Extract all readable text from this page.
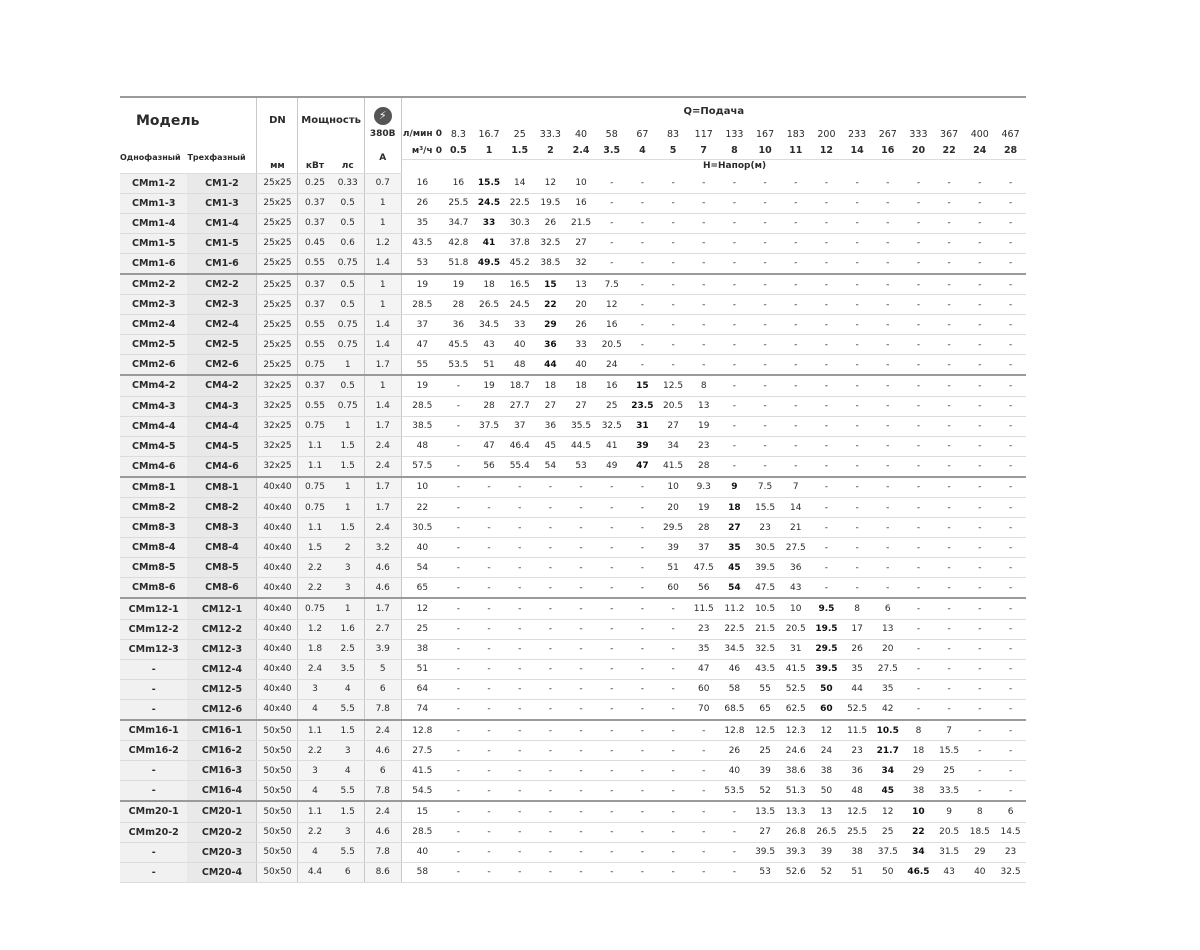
Модель		DN	Мощность		⚡	Q=Подача																			
					380В	л/мин 0	8.3	16.7	25	33.3	40	58	67	83	117	133	167	183	200	233	267	333	367	400	467
Однофазный	Трехфазный	мм	кВт	лс	A	м³/ч 0	0.5	1	1.5	2	2.4	3.5	4	5	7	8	10	11	12	14	16	20	22	24	28
							H=Напор(м)																		
CMm1-2	CM1-2	25x25	0.25	0.33	0.7	16	16	15.5	14	12	10	-	-	-	-	-	-	-	-	-	-	-	-	-	-
CMm1-3	CM1-3	25x25	0.37	0.5	1	26	25.5	24.5	22.5	19.5	16	-	-	-	-	-	-	-	-	-	-	-	-	-	-
CMm1-4	CM1-4	25x25	0.37	0.5	1	35	34.7	33	30.3	26	21.5	-	-	-	-	-	-	-	-	-	-	-	-	-	-
CMm1-5	CM1-5	25x25	0.45	0.6	1.2	43.5	42.8	41	37.8	32.5	27	-	-	-	-	-	-	-	-	-	-	-	-	-	-
CMm1-6	CM1-6	25x25	0.55	0.75	1.4	53	51.8	49.5	45.2	38.5	32	-	-	-	-	-	-	-	-	-	-	-	-	-	-
CMm2-2	CM2-2	25x25	0.37	0.5	1	19	19	18	16.5	15	13	7.5	-	-	-	-	-	-	-	-	-	-	-	-	-
CMm2-3	CM2-3	25x25	0.37	0.5	1	28.5	28	26.5	24.5	22	20	12	-	-	-	-	-	-	-	-	-	-	-	-	-
CMm2-4	CM2-4	25x25	0.55	0.75	1.4	37	36	34.5	33	29	26	16	-	-	-	-	-	-	-	-	-	-	-	-	-
CMm2-5	CM2-5	25x25	0.55	0.75	1.4	47	45.5	43	40	36	33	20.5	-	-	-	-	-	-	-	-	-	-	-	-	-
CMm2-6	CM2-6	25x25	0.75	1	1.7	55	53.5	51	48	44	40	24	-	-	-	-	-	-	-	-	-	-	-	-	-
CMm4-2	CM4-2	32x25	0.37	0.5	1	19	-	19	18.7	18	18	16	15	12.5	8	-	-	-	-	-	-	-	-	-	-
CMm4-3	CM4-3	32x25	0.55	0.75	1.4	28.5	-	28	27.7	27	27	25	23.5	20.5	13	-	-	-	-	-	-	-	-	-	-
CMm4-4	CM4-4	32x25	0.75	1	1.7	38.5	-	37.5	37	36	35.5	32.5	31	27	19	-	-	-	-	-	-	-	-	-	-
CMm4-5	CM4-5	32x25	1.1	1.5	2.4	48	-	47	46.4	45	44.5	41	39	34	23	-	-	-	-	-	-	-	-	-	-
CMm4-6	CM4-6	32x25	1.1	1.5	2.4	57.5	-	56	55.4	54	53	49	47	41.5	28	-	-	-	-	-	-	-	-	-	-
CMm8-1	CM8-1	40x40	0.75	1	1.7	10	-	-	-	-	-	-	-	10	9.3	9	7.5	7	-	-	-	-	-	-	-
CMm8-2	CM8-2	40x40	0.75	1	1.7	22	-	-	-	-	-	-	-	20	19	18	15.5	14	-	-	-	-	-	-	-
CMm8-3	CM8-3	40x40	1.1	1.5	2.4	30.5	-	-	-	-	-	-	-	29.5	28	27	23	21	-	-	-	-	-	-	-
CMm8-4	CM8-4	40x40	1.5	2	3.2	40	-	-	-	-	-	-	-	39	37	35	30.5	27.5	-	-	-	-	-	-	-
CMm8-5	CM8-5	40x40	2.2	3	4.6	54	-	-	-	-	-	-	-	51	47.5	45	39.5	36	-	-	-	-	-	-	-
CMm8-6	CM8-6	40x40	2.2	3	4.6	65	-	-	-	-	-	-	-	60	56	54	47.5	43	-	-	-	-	-	-	-
CMm12-1	CM12-1	40x40	0.75	1	1.7	12	-	-	-	-	-	-	-	-	11.5	11.2	10.5	10	9.5	8	6	-	-	-	-
CMm12-2	CM12-2	40x40	1.2	1.6	2.7	25	-	-	-	-	-	-	-	-	23	22.5	21.5	20.5	19.5	17	13	-	-	-	-
CMm12-3	CM12-3	40x40	1.8	2.5	3.9	38	-	-	-	-	-	-	-	-	35	34.5	32.5	31	29.5	26	20	-	-	-	-
-	CM12-4	40x40	2.4	3.5	5	51	-	-	-	-	-	-	-	-	47	46	43.5	41.5	39.5	35	27.5	-	-	-	-
-	CM12-5	40x40	3	4	6	64	-	-	-	-	-	-	-	-	60	58	55	52.5	50	44	35	-	-	-	-
-	CM12-6	40x40	4	5.5	7.8	74	-	-	-	-	-	-	-	-	70	68.5	65	62.5	60	52.5	42	-	-	-	-
CMm16-1	CM16-1	50x50	1.1	1.5	2.4	12.8	-	-	-	-	-	-	-	-	-	12.8	12.5	12.3	12	11.5	10.5	8	7	-	-
CMm16-2	CM16-2	50x50	2.2	3	4.6	27.5	-	-	-	-	-	-	-	-	-	26	25	24.6	24	23	21.7	18	15.5	-	-
-	CM16-3	50x50	3	4	6	41.5	-	-	-	-	-	-	-	-	-	40	39	38.6	38	36	34	29	25	-	-
-	CM16-4	50x50	4	5.5	7.8	54.5	-	-	-	-	-	-	-	-	-	53.5	52	51.3	50	48	45	38	33.5	-	-
CMm20-1	CM20-1	50x50	1.1	1.5	2.4	15	-	-	-	-	-	-	-	-	-	-	13.5	13.3	13	12.5	12	10	9	8	6
CMm20-2	CM20-2	50x50	2.2	3	4.6	28.5	-	-	-	-	-	-	-	-	-	-	27	26.8	26.5	25.5	25	22	20.5	18.5	14.5
-	CM20-3	50x50	4	5.5	7.8	40	-	-	-	-	-	-	-	-	-	-	39.5	39.3	39	38	37.5	34	31.5	29	23
-	CM20-4	50x50	4.4	6	8.6	58	-	-	-	-	-	-	-	-	-	-	53	52.6	52	51	50	46.5	43	40	32.5
